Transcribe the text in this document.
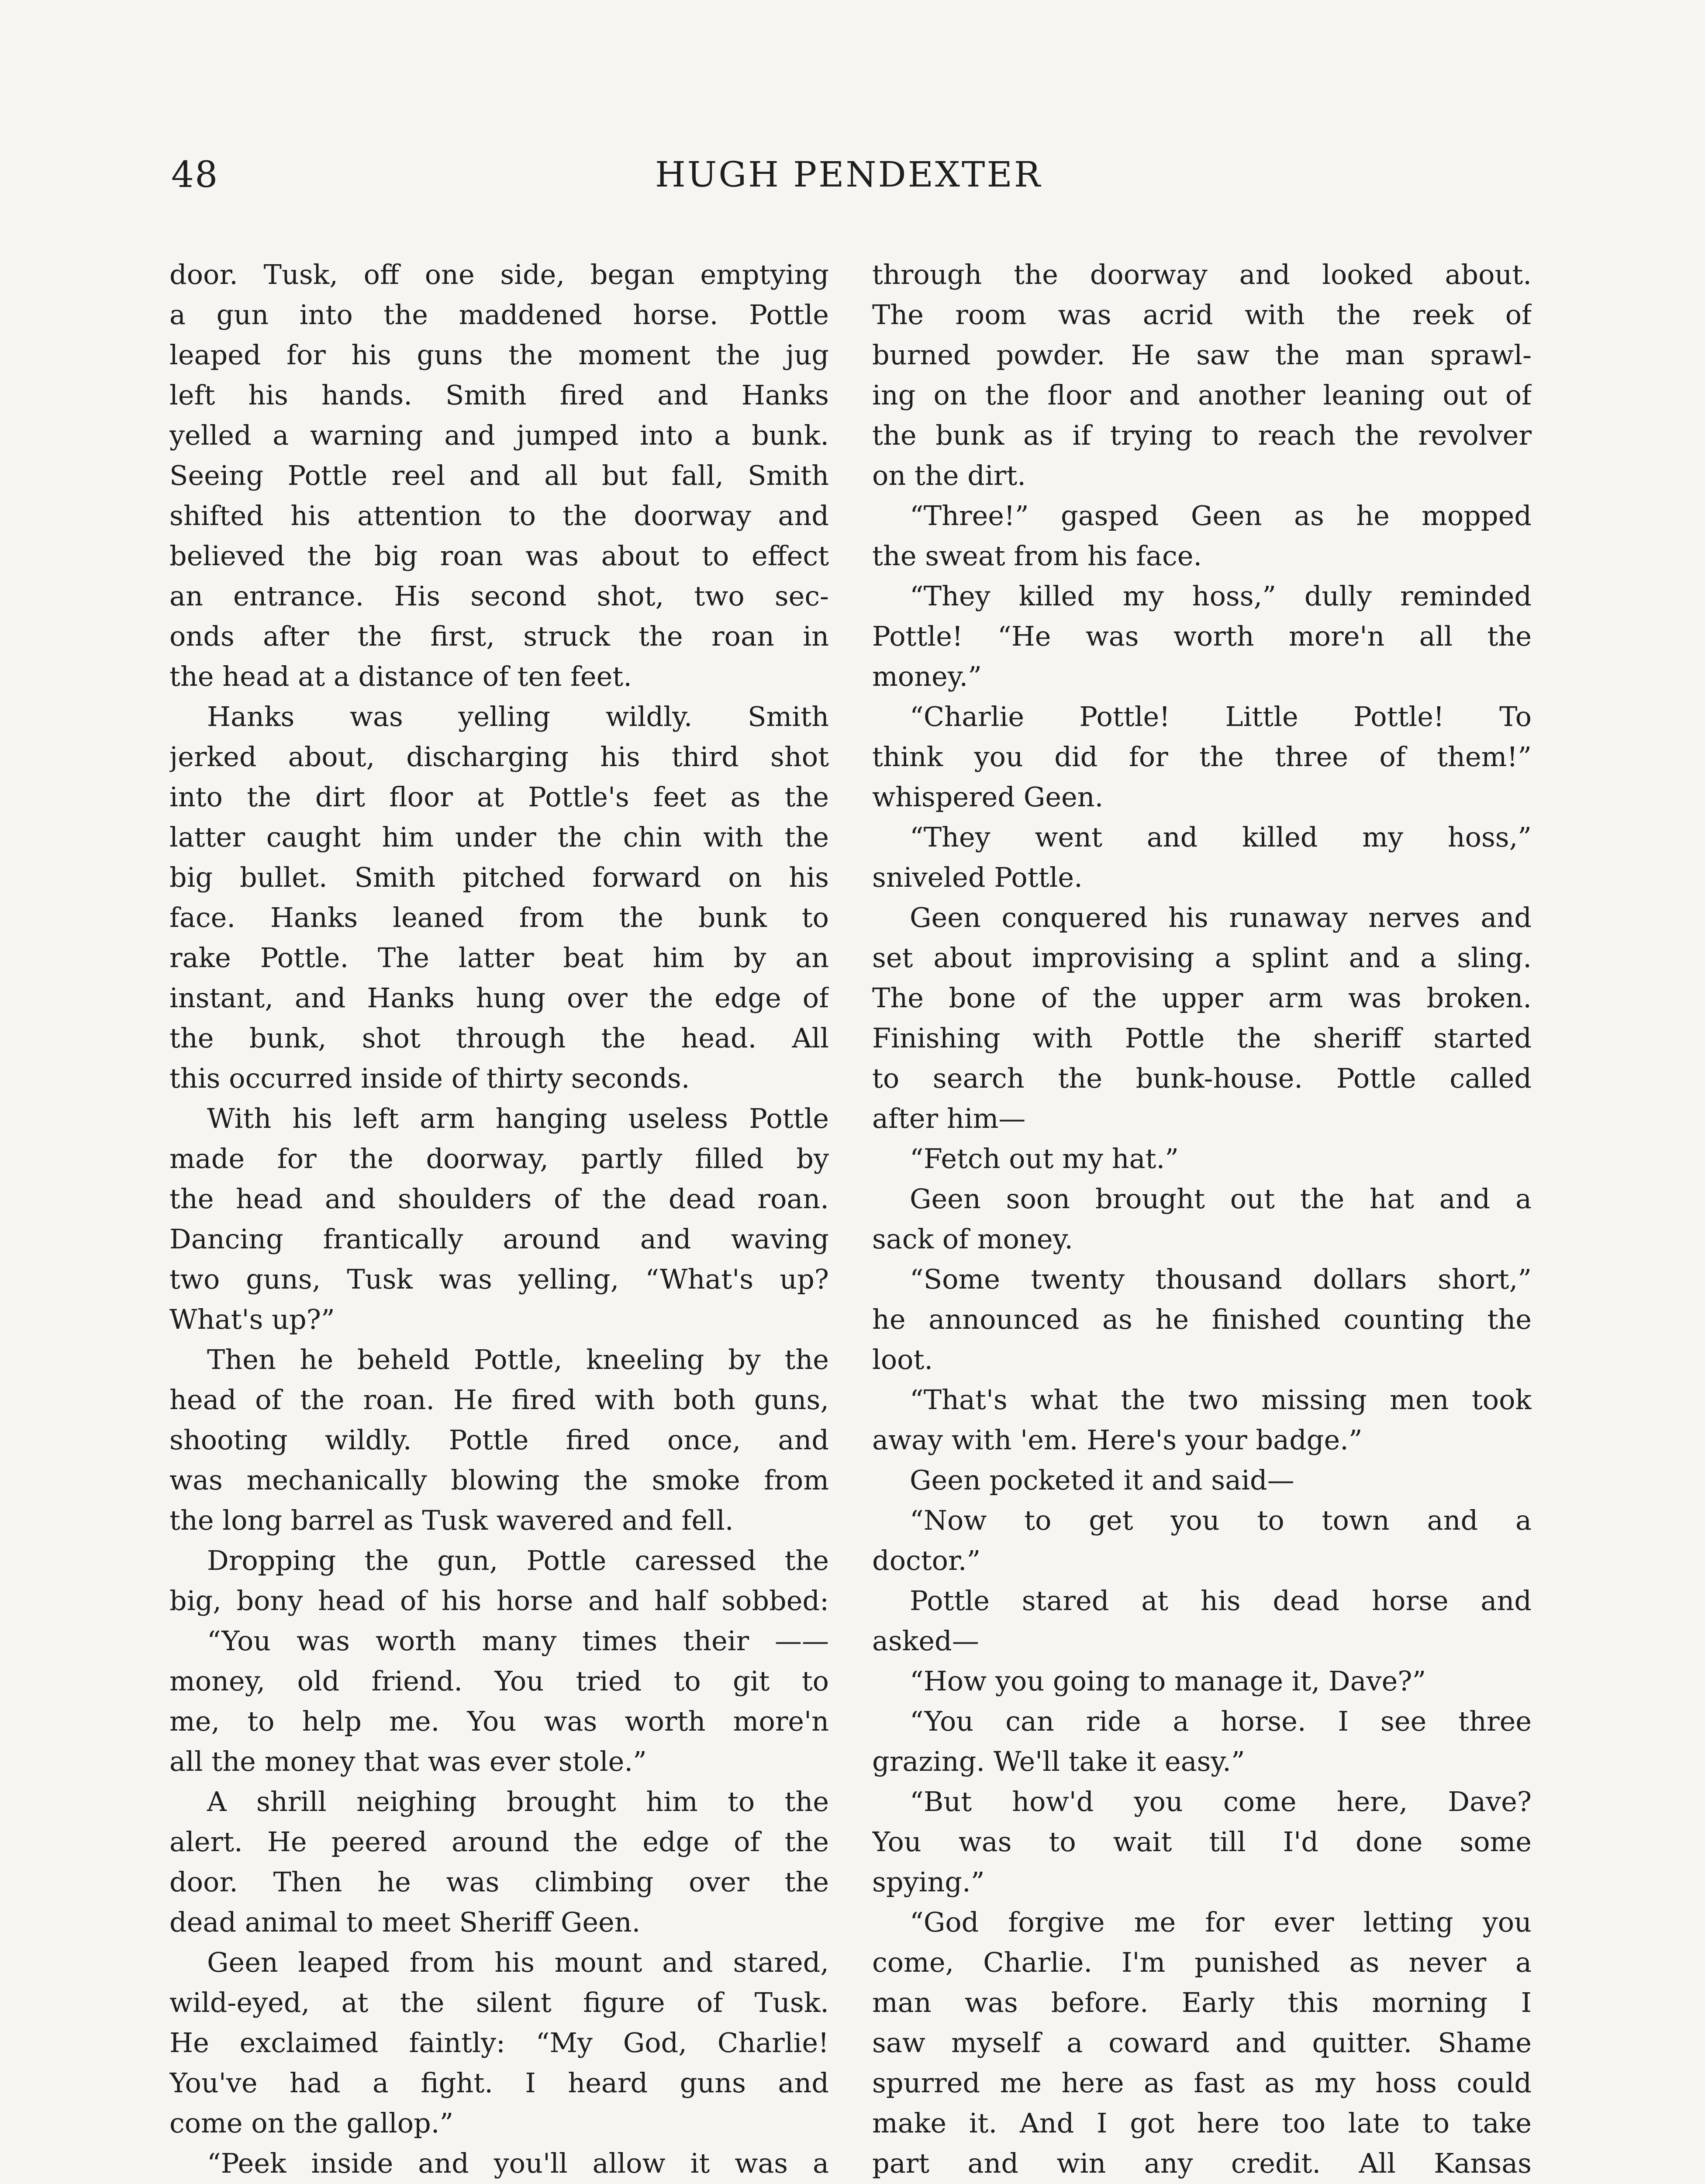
48	HUGH PENDEXTER
door. Tusk, off one side, began emptying
a gun into the maddened horse. Pottle
leaped for his guns the moment the jug
left his hands. Smith fired and Hanks
yelled a warning and jumped into a bunk.
Seeing Pottle reel and all but fall, Smith
shifted his attention to the doorway and
believed the big roan was about to effect
an entrance. His second shot, two sec-
onds after the first, struck the roan in
the head at a distance of ten feet.
Hanks was yelling wildly. Smith
jerked about, discharging his third shot
into the dirt floor at Pottle's feet as the
latter caught him under the chin with the
big bullet. Smith pitched forward on his
face. Hanks leaned from the bunk to
rake Pottle. The latter beat him by an
instant, and Hanks hung over the edge of
the bunk, shot through the head. All
this occurred inside of thirty seconds.
With his left arm hanging useless Pottle
made for the doorway, partly filled by
the head and shoulders of the dead roan.
Dancing frantically around and waving
two guns, Tusk was yelling, “What's up?
What's up?”
Then he beheld Pottle, kneeling by the
head of the roan. He fired with both guns,
shooting wildly. Pottle fired once, and
was mechanically blowing the smoke from
the long barrel as Tusk wavered and fell.
Dropping the gun, Pottle caressed the
big, bony head of his horse and half sobbed:
“You was worth many times their ——
money, old friend. You tried to git to
me, to help me. You was worth more'n
all the money that was ever stole.”
A shrill neighing brought him to the
alert. He peered around the edge of the
door. Then he was climbing over the
dead animal to meet Sheriff Geen.
Geen leaped from his mount and stared,
wild-eyed, at the silent figure of Tusk.
He exclaimed faintly: “My God, Charlie!
You've had a fight. I heard guns and
come on the gallop.”
“Peek inside and you'll allow it was a
through the doorway and looked about.
The room was acrid with the reek of
burned powder. He saw the man sprawl-
ing on the floor and another leaning out of
the bunk as if trying to reach the revolver
on the dirt.
“Three!” gasped Geen as he mopped
the sweat from his face.
“They killed my hoss,” dully reminded
Pottle! “He was worth more'n all the
money.”
“Charlie Pottle! Little Pottle! To
think you did for the three of them!”
whispered Geen.
“They went and killed my hoss,”
sniveled Pottle.
Geen conquered his runaway nerves and
set about improvising a splint and a sling.
The bone of the upper arm was broken.
Finishing with Pottle the sheriff started
to search the bunk-house. Pottle called
after him—
“Fetch out my hat.”
Geen soon brought out the hat and a
sack of money.
“Some twenty thousand dollars short,”
he announced as he finished counting the
loot.
“That's what the two missing men took
away with 'em. Here's your badge.”
Geen pocketed it and said—
“Now to get you to town and a
doctor.”
Pottle stared at his dead horse and
asked—
“How you going to manage it, Dave?”
“You can ride a horse. I see three
grazing. We'll take it easy.”
“But how'd you come here, Dave?
You was to wait till I'd done some
spying.”
“God forgive me for ever letting you
come, Charlie. I'm punished as never a
man was before. Early this morning I
saw myself a coward and quitter. Shame
spurred me here as fast as my hoss could
make it. And I got here too late to take
part and win any credit. All Kansas
